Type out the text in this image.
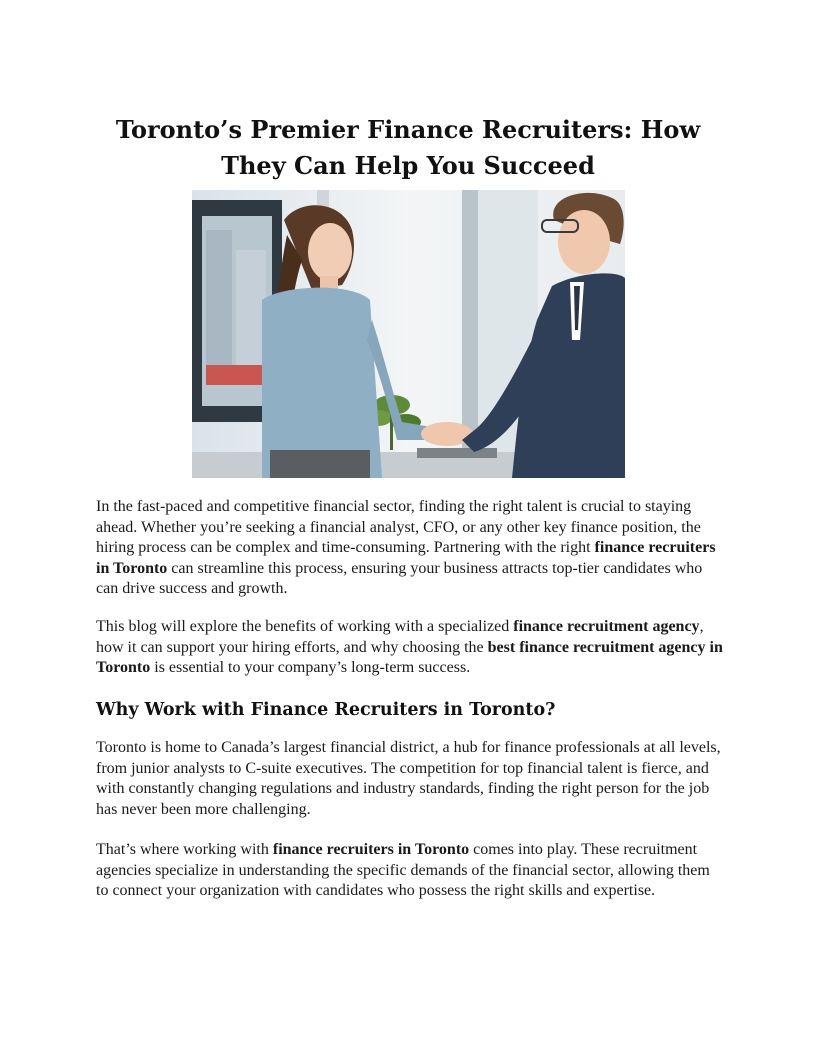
Toronto’s Premier Finance Recruiters: How
They Can Help You Succeed

In the fast-paced and competitive financial sector, finding the right talent is crucial to staying ahead. Whether you’re seeking a financial analyst, CFO, or any other key finance position, the hiring process can be complex and time-consuming. Partnering with the right finance recruiters in Toronto can streamline this process, ensuring your business attracts top-tier candidates who can drive success and growth.

This blog will explore the benefits of working with a specialized finance recruitment agency, how it can support your hiring efforts, and why choosing the best finance recruitment agency in Toronto is essential to your company’s long-term success.

Why Work with Finance Recruiters in Toronto?

Toronto is home to Canada’s largest financial district, a hub for finance professionals at all levels, from junior analysts to C-suite executives. The competition for top financial talent is fierce, and with constantly changing regulations and industry standards, finding the right person for the job has never been more challenging.

That’s where working with finance recruiters in Toronto comes into play. These recruitment agencies specialize in understanding the specific demands of the financial sector, allowing them to connect your organization with candidates who possess the right skills and expertise.
